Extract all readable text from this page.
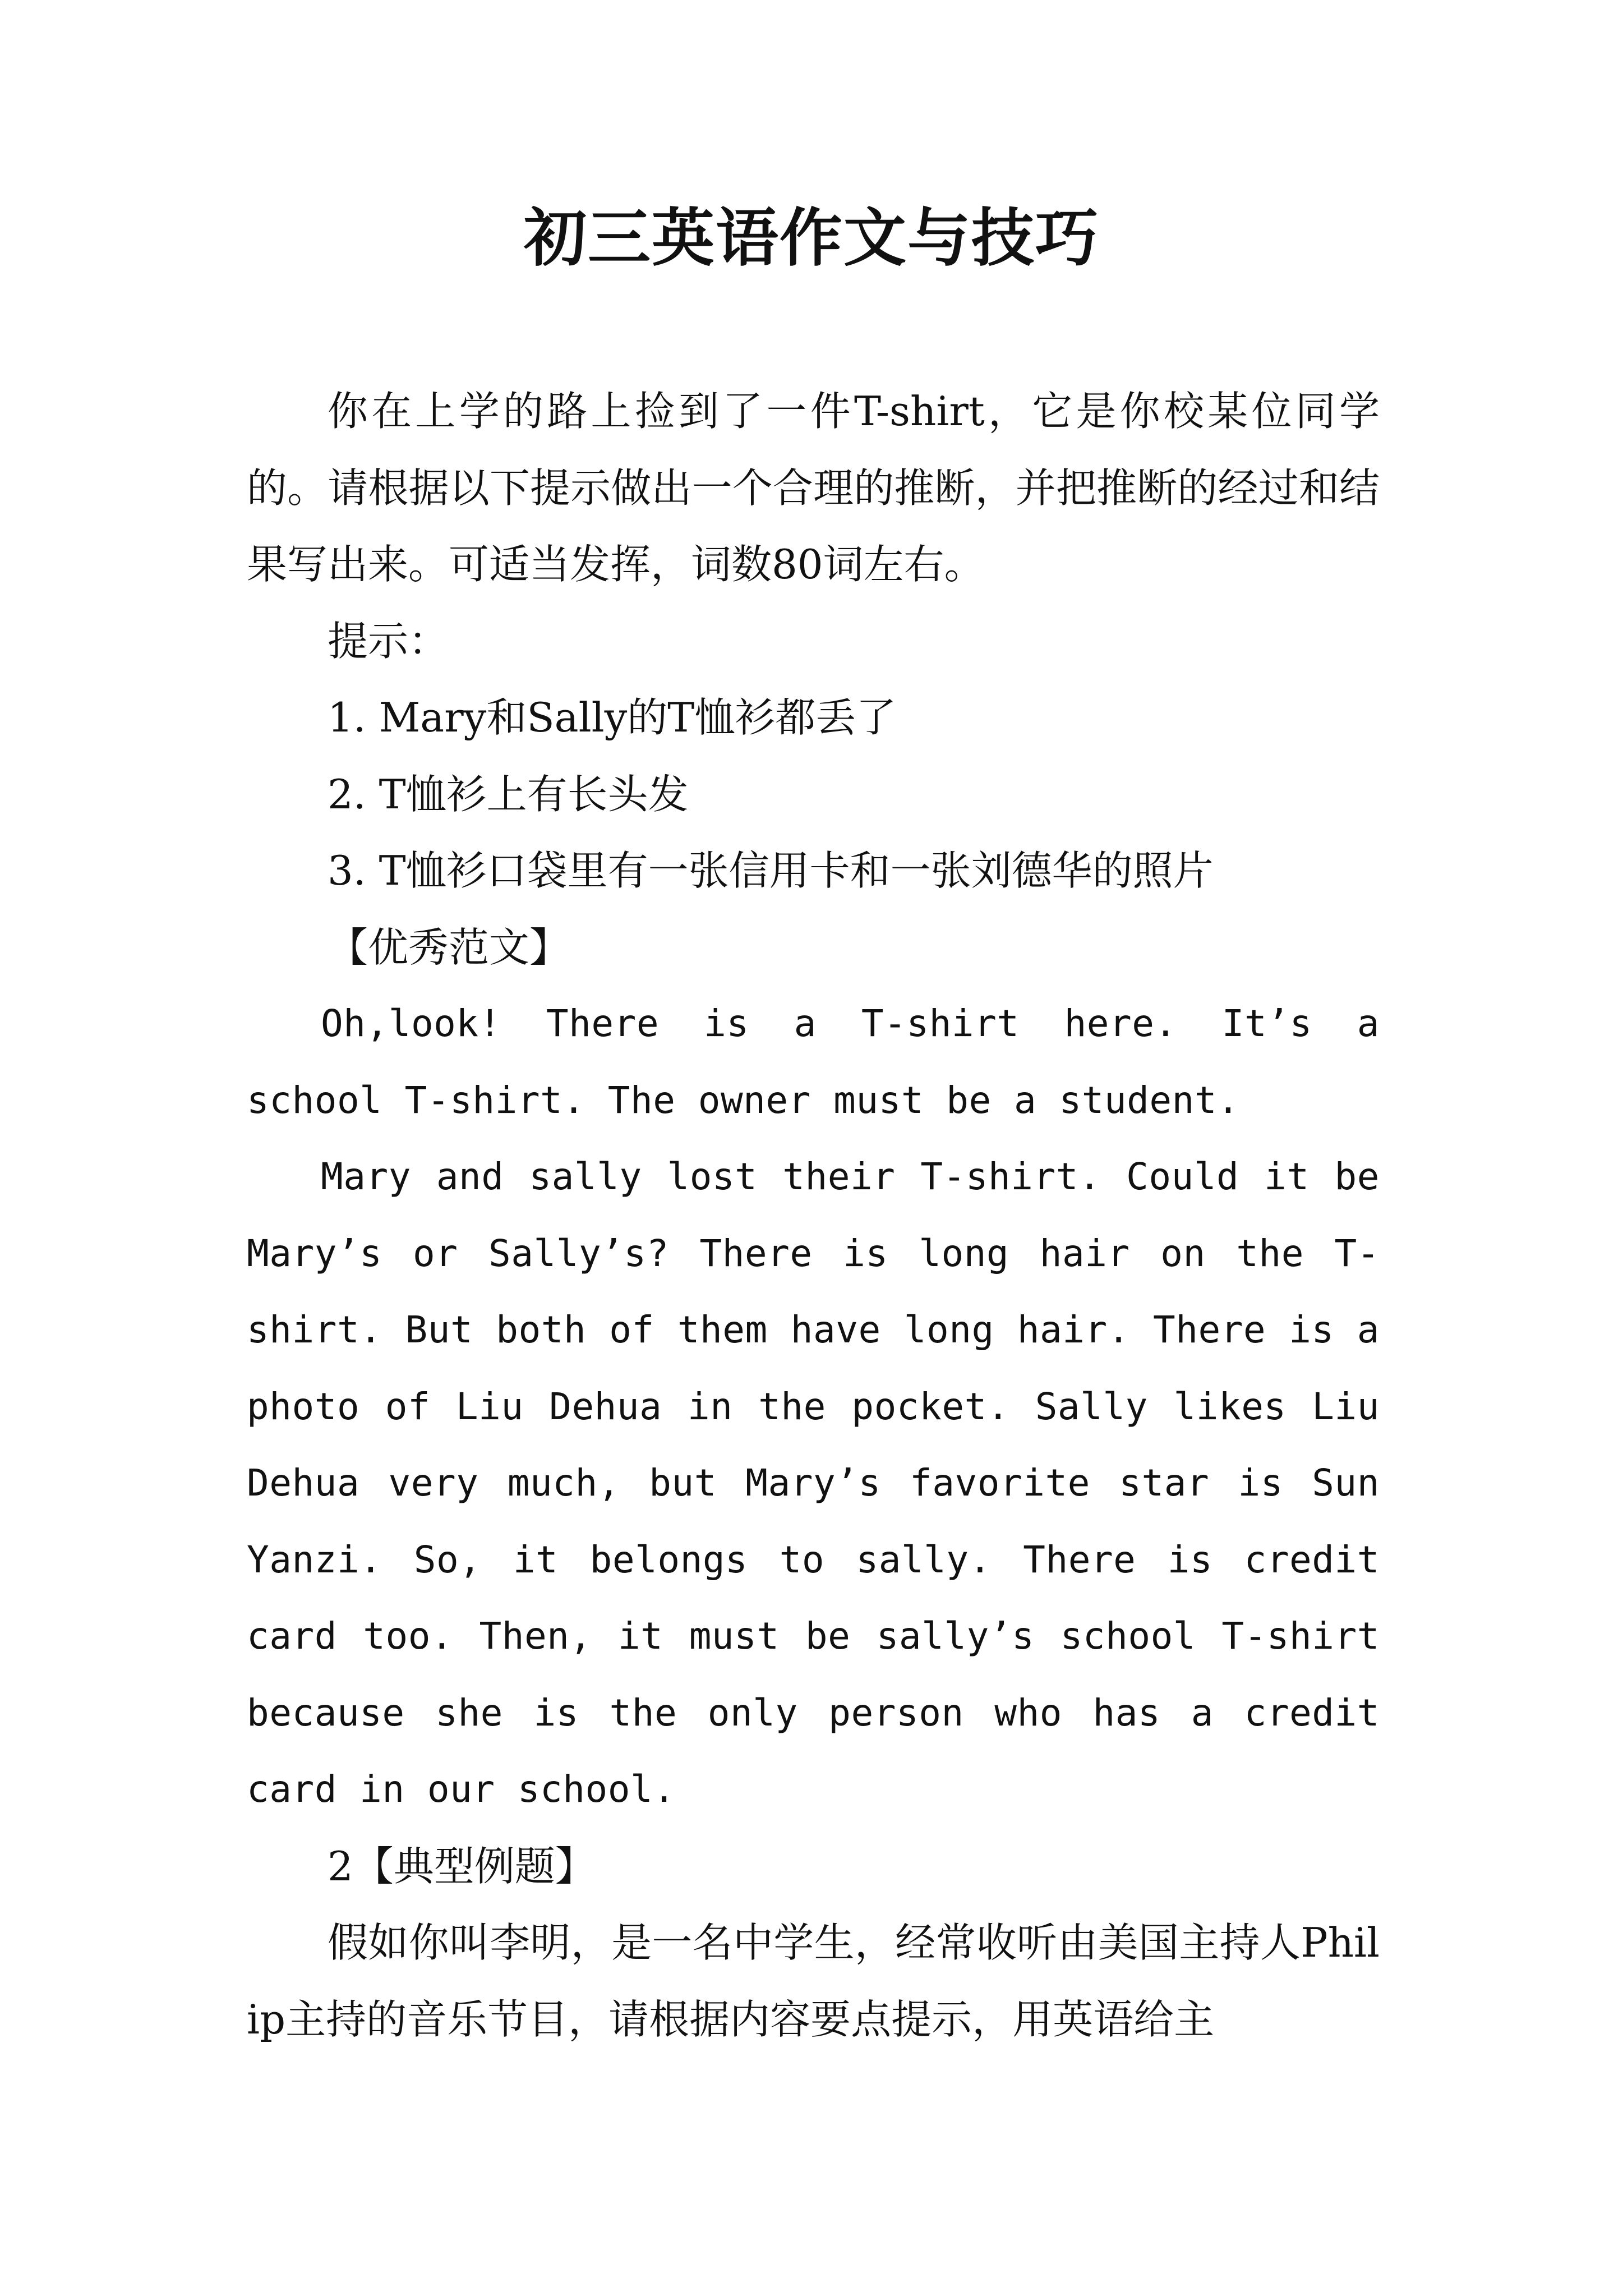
初三英语作文与技巧

你在上学的路上捡到了一件T-shirt，它是你校某位同学的。请根据以下提示做出一个合理的推断，并把推断的经过和结果写出来。可适当发挥，词数80词左右。

提示：

1. Mary和Sally的T恤衫都丢了

2. T恤衫上有长头发

3. T恤衫口袋里有一张信用卡和一张刘德华的照片

【优秀范文】

Oh,look! There is a T-shirt here. It’s a school T-shirt. The owner must be a student.

Mary and sally lost their T-shirt. Could it be Mary’s or Sally’s? There is long hair on the T-shirt. But both of them have long hair. There is a photo of Liu Dehua in the pocket. Sally likes Liu Dehua very much, but Mary’s favorite star is Sun Yanzi. So, it belongs to sally. There is credit card too. Then, it must be sally’s school T-shirt because she is the only person who has a credit card in our school.

2【典型例题】

假如你叫李明，是一名中学生，经常收听由美国主持人Philip主持的音乐节目，请根据内容要点提示，用英语给主
